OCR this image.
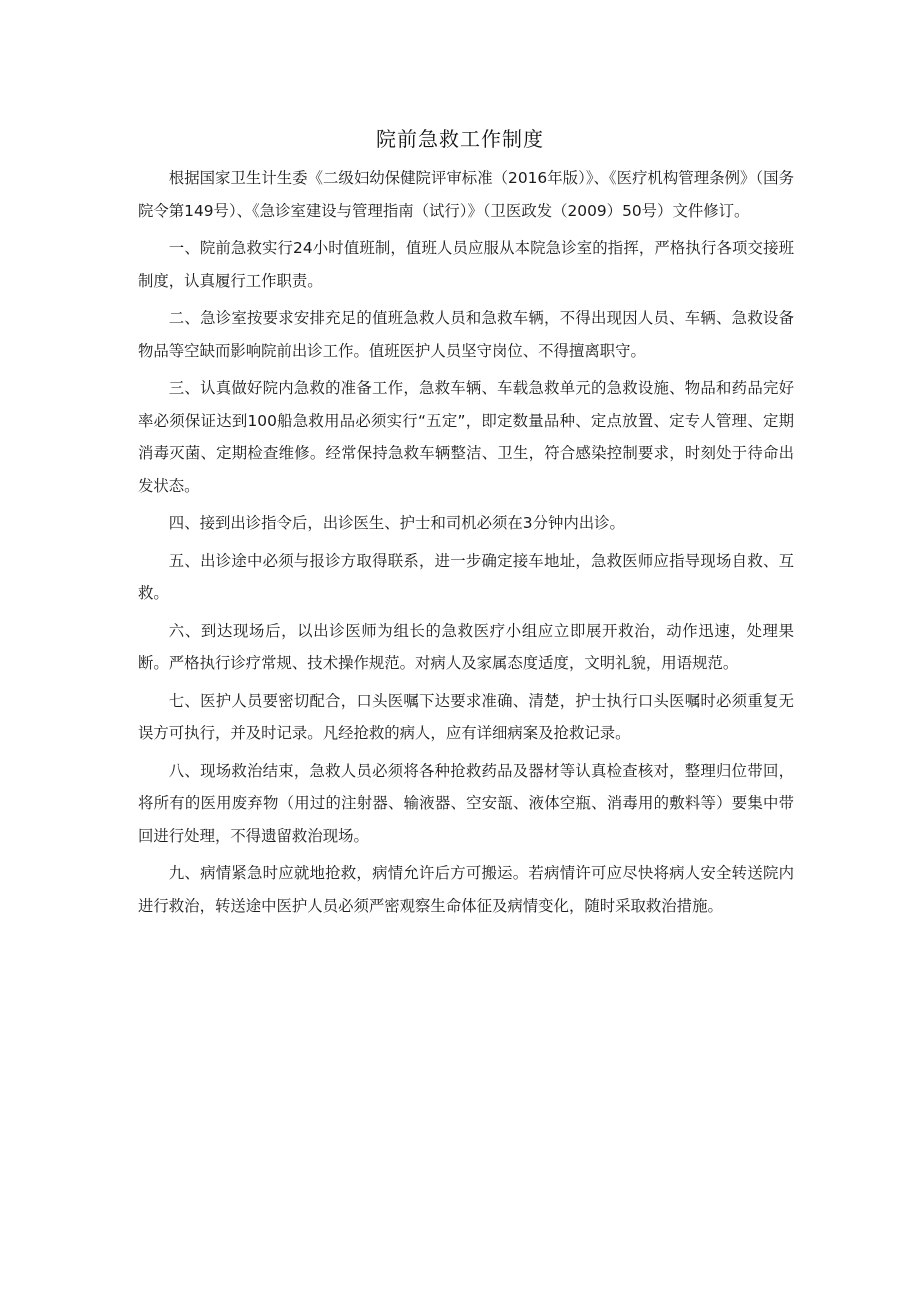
院前急救工作制度

根据国家卫生计生委《二级妇幼保健院评审标准（2016年版）》、《医疗机构管理条例》（国务院令第149号）、《急诊室建设与管理指南（试行）》（卫医政发（2009）50号）文件修订。

一、院前急救实行24小时值班制，值班人员应服从本院急诊室的指挥，严格执行各项交接班制度，认真履行工作职责。

二、急诊室按要求安排充足的值班急救人员和急救车辆，不得出现因人员、车辆、急救设备物品等空缺而影响院前出诊工作。值班医护人员坚守岗位、不得擅离职守。

三、认真做好院内急救的准备工作，急救车辆、车载急救单元的急救设施、物品和药品完好率必须保证达到100船急救用品必须实行“五定”，即定数量品种、定点放置、定专人管理、定期消毒灭菌、定期检查维修。经常保持急救车辆整洁、卫生，符合感染控制要求，时刻处于待命出发状态。

四、接到出诊指令后，出诊医生、护士和司机必须在3分钟内出诊。

五、出诊途中必须与报诊方取得联系，进一步确定接车地址，急救医师应指导现场自救、互救。

六、到达现场后，以出诊医师为组长的急救医疗小组应立即展开救治，动作迅速，处理果断。严格执行诊疗常规、技术操作规范。对病人及家属态度适度，文明礼貌，用语规范。

七、医护人员要密切配合，口头医嘱下达要求准确、清楚，护士执行口头医嘱时必须重复无误方可执行，并及时记录。凡经抢救的病人，应有详细病案及抢救记录。

八、现场救治结束，急救人员必须将各种抢救药品及器材等认真检查核对，整理归位带回，将所有的医用废弃物（用过的注射器、输液器、空安瓿、液体空瓶、消毒用的敷料等）要集中带回进行处理，不得遗留救治现场。

九、病情紧急时应就地抢救，病情允许后方可搬运。若病情许可应尽快将病人安全转送院内进行救治，转送途中医护人员必须严密观察生命体征及病情变化，随时采取救治措施。
